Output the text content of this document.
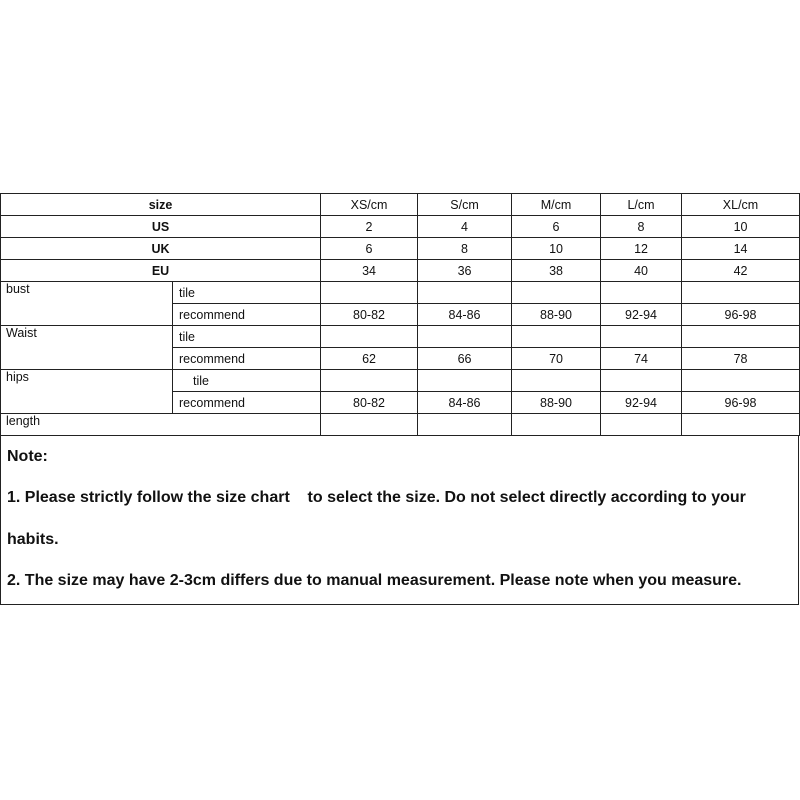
size		XS/cm	S/cm	M/cm	L/cm	XL/cm
US		2	4	6	8	10
UK		6	8	10	12	14
EU		34	36	38	40	42
bust	tile					
	recommend	80-82	84-86	88-90	92-94	96-98
Waist	tile					
	recommend	62	66	70	74	78
hips	tile					
	recommend	80-82	84-86	88-90	92-94	96-98
length						
Note:
1. Please strictly follow the size chart    to select the size. Do not select directly according to your
habits.
2. The size may have 2-3cm differs due to manual measurement. Please note when you measure.
